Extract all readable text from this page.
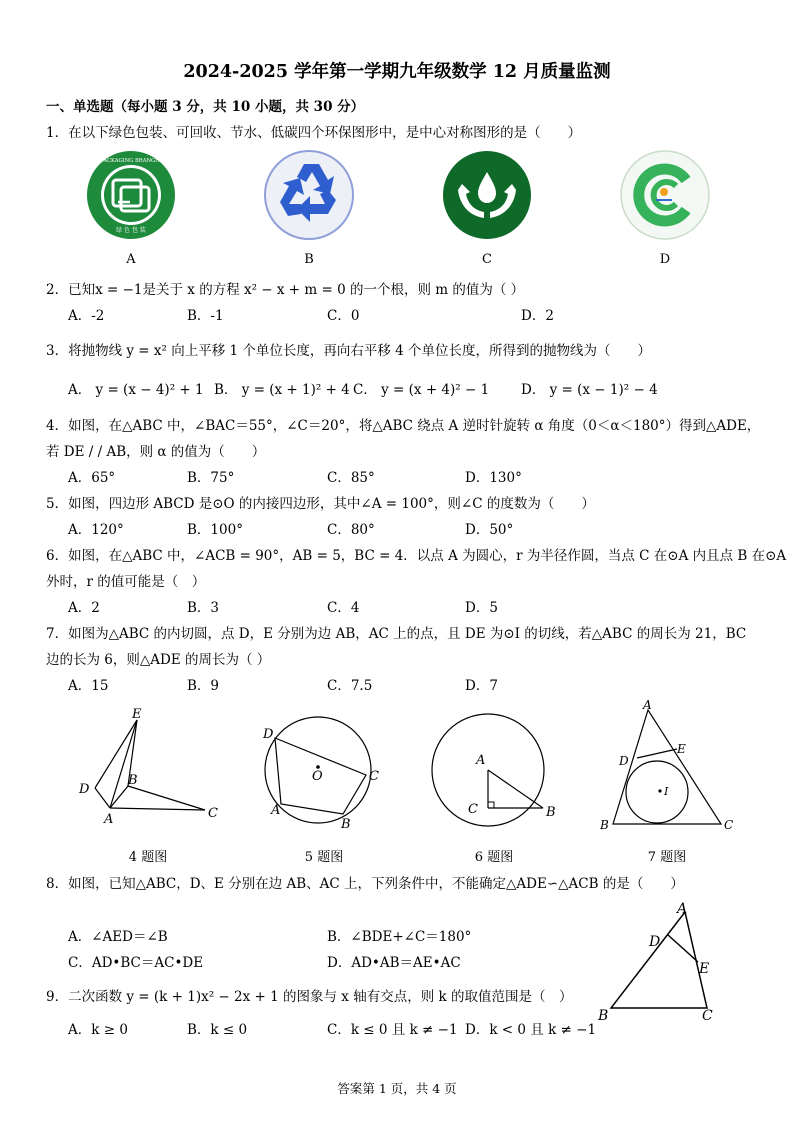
2024-2025 学年第一学期九年级数学 12 月质量监测
一、单选题（每小题 3 分，共 10 小题，共 30 分）
1．在以下绿色包装、可回收、节水、低碳四个环保图形中，是中心对称图形的是（　　）
绿 色 包 装
GREEN PACKAGING BRANGHUI CHAS
A	B	C	D
2．已知x = −1是关于 x 的方程 x² − x + m = 0 的一个根，则 m 的值为（ ）
A．-2	B．-1	C．0	D．2
3．将抛物线 y = x² 向上平移 1 个单位长度，再向右平移 4 个单位长度，所得到的抛物线为（　　）
A． y = (x − 4)² + 1 B． y = (x + 1)² + 4 C． y = (x + 4)² − 1 D． y = (x − 1)² − 4
4．如图，在△ABC 中，∠BAC＝55°，∠C＝20°，将△ABC 绕点 A 逆时针旋转 α 角度（0＜α＜180°）得到△ADE，
若 DE / / AB，则 α 的值为（　　）
A．65°	B．75°	C．85°	D．130°
5．如图，四边形 ABCD 是⊙O 的内接四边形，其中∠A = 100°，则∠C 的度数为（　　）
A．120°	B．100°	C．80°	D．50°
6．如图，在△ABC 中，∠ACB = 90°，AB = 5，BC = 4．以点 A 为圆心，r 为半径作圆，当点 C 在⊙A 内且点 B 在⊙A
外时，r 的值可能是（　）
A．2	B．3	C．4	D．5
7．如图为△ABC 的内切圆，点 D，E 分别为边 AB，AC 上的点，且 DE 为⊙I 的切线，若△ABC 的周长为 21，BC
边的长为 6，则△ADE 的周长为（ ）
A．15	B．9	C．7.5	D．7
E
D
B
A	C
D
O	C
A
B
A
C	B
A
D
E
I
B	C
4 题图	5 题图	6 题图	7 题图
8．如图，已知△ABC，D、E 分别在边 AB、AC 上，下列条件中，不能确定△ADE∽△ACB 的是（　　）
A．∠AED＝∠B	B．∠BDE+∠C＝180°
C．AD•BC＝AC•DE	D．AD•AB＝AE•AC
A
D
E
B	C
9．二次函数 y = (k + 1)x² − 2x + 1 的图象与 x 轴有交点，则 k 的取值范围是（　）
A．k ≥ 0	B．k ≤ 0	C．k ≤ 0 且 k ≠ −1 D．k < 0 且 k ≠ −1
答案第 1 页，共 4 页
